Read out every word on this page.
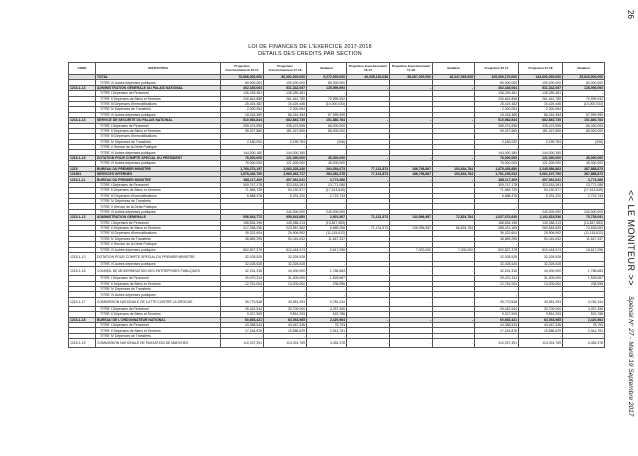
LOI DE FINANCES DE L'EXERCICE 2017-2018
DETAILS DES CREDITS PAR SECTION
26
<< LE MONITEUR >>
Spécial N° 27 - Mardi 19 Septembre 2017
CODE	INSTITUTION	Projection Fonctionnement 16-17	Projection Fonctionnement 17-18	Variation	Projection Investissement 16-17	Projection Investissement 17-18	Variation	Projection 16-17	Projection 17-18	Variation
	TOTAL	70,806,000,000	80,062,000,000	9,272,000,000	40,035,130,036	56,067,200,000	16,347,069,549	100,000,170,000	144,000,000,000	25,619,000,000
	TITRE VI Autres dépenses publiques	80,000,000	100,000,000	80,000,000				80,000,000	100,000,000	80,000,000
1216-1-13	ADMINISTRATION GENERALE DU PALAIS NATIONAL	402,345,064	531,342,057	128,996,993	-	-	-	402,345,064	531,342,057	128,996,993
	TITRE I Dépenses de Personnel	136,259,481	136,259,481	-				136,259,481	136,259,481	-
	TITRE II Dépenses de Biens et Services	230,842,858	261,642,780	70,999,932				230,842,858	261,642,780	70,999,932
	TITRE III Dépenses d'Immobilisations	25,424,482	15,424,448	(10,000,034)				25,424,482	15,424,448	(10,000,034)
	TITRE IV Dépenses de Transferts	2,000,054	2,000,054	-				2,000,054	2,000,054	-
	TITRE VI Autres dépenses publiques	18,018,389	86,016,384	67,999,995				18,018,389	86,016,384	67,999,995
1216-1-13	SERVICE DE SECURITE DU PALAIS NATIONAL	510,982,844	662,862,739	151,880,784	-	-	-	510,982,844	662,862,739	151,880,784
	TITRE I Dépenses de Personnel	269,474,996	335,474,996	66,000,000				269,474,996	335,474,996	66,000,000
	TITRE II Dépenses de Biens et Services	95,327,865	181,327,865	86,000,000				95,327,865	181,327,865	86,000,000
	TITRE III Dépenses d'Immobilisations	-	-	-				-	-	-
	TITRE IV Dépenses de Transferts	2,180,000	2,159,784	(206)				2,180,000	2,159,784	(206)
	TITRE V Service de la Dette Publique	-	-	-				-	-	-
	TITRE VI Autres dépenses publiques	144,000,180	144,000,180	-				144,000,180	144,000,180	-
1216-1-16	DOTATION POUR COMPTE SPECIAL DU PRESIDENT	76,000,000	121,000,000	45,000,000	-	-	-	76,000,000	121,000,000	45,000,000
	TITRE VI Autres dépenses publiques	76,000,000	121,000,000	45,000,000				76,000,000	121,000,000	45,000,000
1215	BUREAU DU PREMIER MINISTRE	1,769,274,197	2,063,328,340	294,054,073	77,131,873	186,798,867	103,634,784	1,875,405,880	2,245,956,863	367,888,873
121501	SERVICES INTERNES	1,678,440,700	2,960,362,717	284,082,378	77,131,873	186,798,867	103,634,784	1,761,159,912	3,061,107,790	367,888,873
1215-1-11	BUREAU DU PREMIER MINISTRE	388,117,409	357,991,041	3,773,366	-	-	-	388,117,409	357,991,041	3,773,366
	TITRE I Dépenses de Personnel	309,747,178	323,518,393	13,771,088				309,747,178	323,518,393	13,771,088
	TITRE II Dépenses de Biens et Services	71,665,725	54,150,577	(17,513,649)				71,665,725	54,150,577	(17,513,649)
	TITRE III Dépenses d'Immobilisations	6,588,476	9,291,220	2,722,743				6,588,476	9,291,220	2,722,743
	TITRE IV Dépenses de Transferts	-	-	-				-	-	-
	TITRE V Service de la Dette Publique	-	-	-				-	-	-
	TITRE VI Autres dépenses publiques	-	240,000,000	240,000,000				-	240,000,000	240,000,000
1215-1-12	ADMINISTRATION GENERALE	956,943,772	958,843,689	2,901,987	71,131,973	143,996,987	72,824,784	1,027,074,645	1,102,818,536	75,735,091
	TITRE I Dépenses de Personnel	158,834,196	145,086,213	(13,847,983)				158,834,196	145,086,213	(13,847,983)
	TITRE II Dépenses de Biens et Services	217,338,296	223,987,582	6,689,296	71,131,973	138,996,987	66,824,784	288,421,189	260,654,829	72,633,083
	TITRE III Dépenses d'Immobilisations	39,322,604	29,906,992	(11,115,612)				39,322,604	29,906,992	(11,115,612)
	TITRE IV Dépenses de Transferts	38,869,295	50,416,632	11,647,337				38,869,295	50,416,632	11,647,337
	TITRE V Service de la Dette Publique	-	-	-				-	-	-
	TITRE VI Autres dépenses publiques	502,827,378	512,444,474	9,617,096	-	7,000,000	7,000,000	502,827,378	519,444,474	16,617,096
1215-1-13	DOTATION POUR COMPTE SPECIAL DU PREMIER MINISTRE	32,028,528	32,028,528	-	-	-	-	32,028,528	32,028,528	-
	TITRE VI Autres dépenses publiques	32,028,528	32,028,528	-				32,028,528	32,028,528	-
1215-1-16	CONSEIL DE MODERNISATION DES ENTREPRISES PUBLIQUES	42,231,316	44,000,000	1,768,683	-	-	-	42,231,316	44,000,000	1,768,683
	TITRE I Dépenses de Personnel	29,470,314	31,000,000	1,529,687				29,470,314	31,000,000	1,529,687
	TITRE II Dépenses de Biens et Services	12,761,004	13,000,000	238,996				12,761,004	13,000,000	238,996
	TITRE IV Dépenses de Transferts	-	-	-				-	-	-
	TITRE VI Autres dépenses publiques	-	-	-				-	-	-
1215-1-17	COMMISSION NATIONALE DE LUTTE CONTRE LA DROGUE	35,770,648	40,551,293	4,781,244	-	-	-	35,770,648	40,551,293	4,781,244
	TITRE I Dépenses de Personnel	26,442,544	30,700,000	4,257,456				26,442,544	30,700,000	4,257,456
	TITRE II Dépenses de Biens et Services	9,327,505	9,851,293	523,788				9,327,505	9,851,293	523,788
1215-1-18	BUREAU DE L'ORDONNATEUR NATIONAL	60,653,421	63,053,985	2,420,564	-	-	-	60,653,421	63,053,985	2,420,564
	TITRE I Dépenses de Personnel	43,388,543	43,467,336	78,793				43,388,543	43,467,336	78,793
	TITRE II Dépenses de Biens et Services	17,244,878	19,586,629	2,341,751				17,244,878	19,586,629	2,341,751
	TITRE IV Dépenses de Transferts	-	-	-				-	-	-
1215-1-19	COMMISSION NATIONALE DE PASSATION DE MARCHES	110,037,391	113,491,769	3,454,378	-	-	-	110,037,391	113,491,769	3,454,378
